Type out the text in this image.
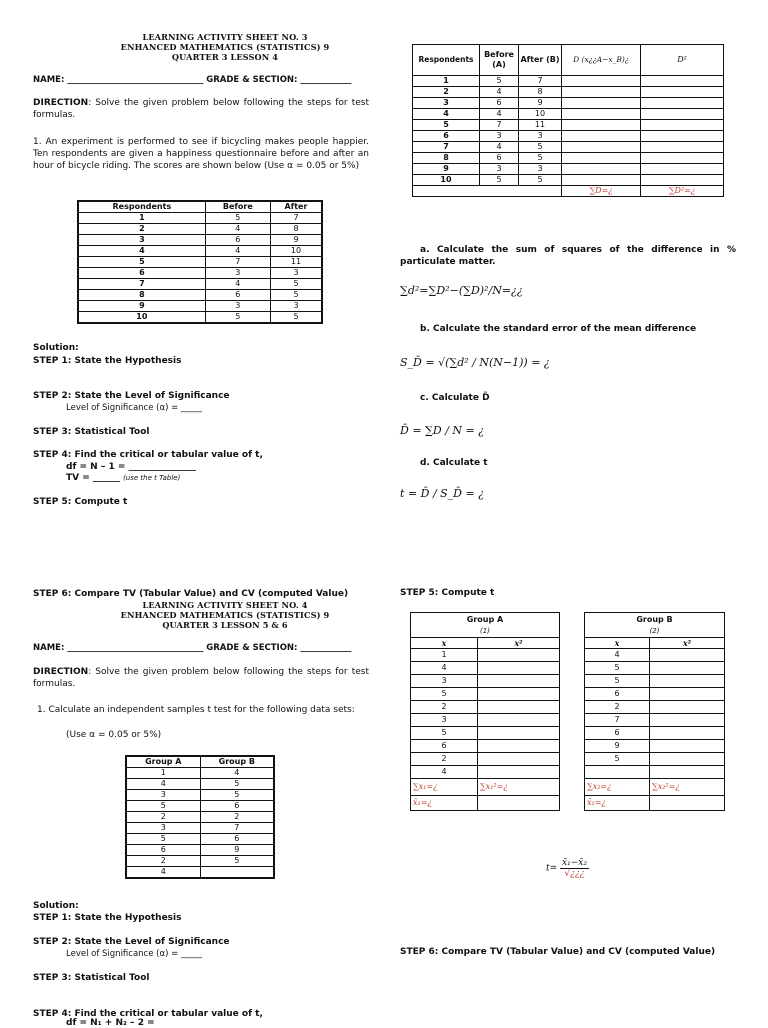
LEARNING ACTIVITY SHEET NO. 3
ENHANCED MATHEMATICS (STATISTICS) 9
QUARTER 3 LESSON 4
NAME: ________________________________ GRADE & SECTION: ____________
DIRECTION: Solve the given problem below following the steps for test formulas.
1. An experiment is performed to see if bicycling makes people happier. Ten respondents are given a happiness questionnaire before and after an hour of bicycle riding. The scores are shown below (Use α = 0.05 or 5%)
Respondents	Before	After
1	5	7
2	4	8
3	6	9
4	4	10
5	7	11
6	3	3
7	4	5
8	6	5
9	3	3
10	5	5
Solution:
STEP 1: State the Hypothesis
STEP 2: State the Level of Significance
Level of Significance (α) = _____
STEP 3: Statistical Tool
STEP 4: Find the critical or tabular value of t,
df = N – 1 = _______________
TV = ______ (use the t Table)
STEP 5: Compute t
STEP 6: Compare TV (Tabular Value) and CV (computed Value)
Respondents	Before (A)	After (B)	D (x¿¿A−x_B)¿	D²
1	5	7		
2	4	8		
3	6	9		
4	4	10		
5	7	11		
6	3	3		
7	4	5		
8	6	5		
9	3	3		
10	5	5		
			∑D=¿	∑D²=¿
a. Calculate the sum of squares of the difference in % particulate matter.
∑d²=∑D²−(∑D)²/N=¿¿
b. Calculate the standard error of the mean difference
S_D̄ = √(∑d² / N(N−1)) = ¿
c. Calculate D̄
D̄ = ∑D / N = ¿
d. Calculate t
t = D̄ / S_D̄ = ¿
LEARNING ACTIVITY SHEET NO. 4
ENHANCED MATHEMATICS (STATISTICS) 9
QUARTER 3 LESSON 5 & 6
NAME: ________________________________ GRADE & SECTION: ____________
DIRECTION: Solve the given problem below following the steps for test formulas.
1. Calculate an independent samples t test for the following data sets:
(Use α = 0.05 or 5%)
Group A	Group B
1	4
4	5
3	5
5	6
2	2
3	7
5	6
6	9
2	5
4	
Solution:
STEP 1: State the Hypothesis
STEP 2: State the Level of Significance
Level of Significance (α) = _____
STEP 3: Statistical Tool
STEP 4: Find the critical or tabular value of t,
df = N₁ + N₂ – 2 =
STEP 5: Compute t
Group A
(1)	
x	x²
1	
4	
3	
5	
2	
3	
5	
6	
2	
4	
∑x₁=¿	∑x₁²=¿
x̄₁=¿	
Group B
(2)	
x	x²
4	
5	
5	
6	
2	
7	
6	
9	
5	

∑x₂=¿	∑x₂²=¿
x̄₂=¿	
$t= \frac{\text{x̄₁−x̄₂}}{√¿¿¿}$
STEP 6: Compare TV (Tabular Value) and CV (computed Value)
